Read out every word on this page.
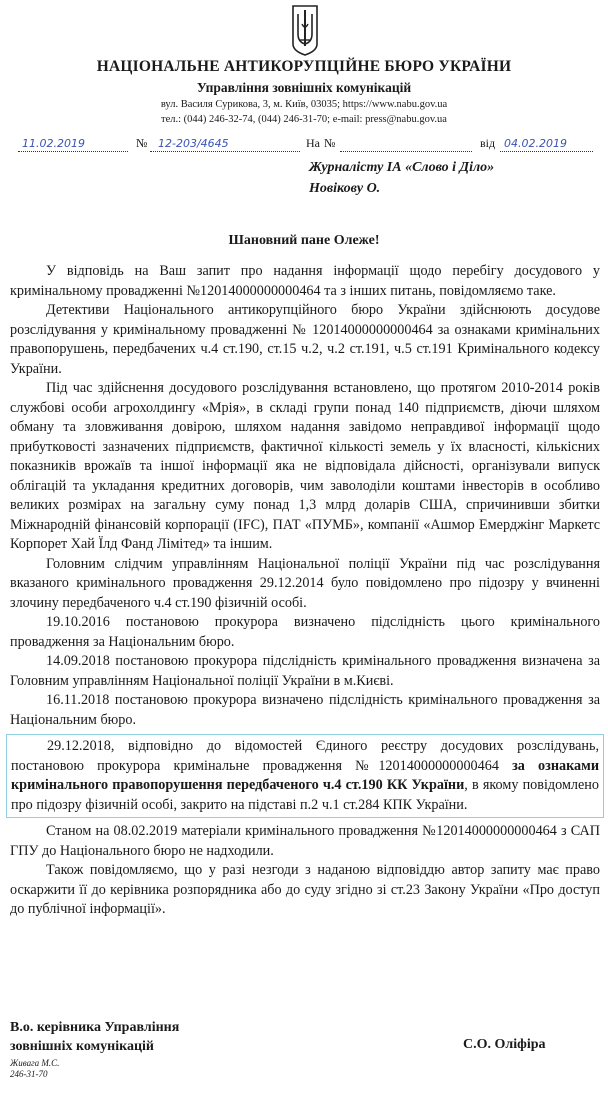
НАЦІОНАЛЬНЕ АНТИКОРУПЦІЙНЕ БЮРО УКРАЇНИ
Управління зовнішніх комунікацій
вул. Василя Сурикова, 3, м. Київ, 03035; https://www.nabu.gov.ua
тел.: (044) 246-32-74, (044) 246-31-70; e-mail: press@nabu.gov.ua
11.02.2019	№ 12-203/4645	На №	від 04.02.2019
Журналісту ІА «Слово і Діло»
Новікову О.
Шановний пане Олеже!

У відповідь на Ваш запит про надання інформації щодо перебігу досудового у кримінальному провадженні №12014000000000464 та з інших питань, повідомляємо таке.

Детективи Національного антикорупційного бюро України здійснюють досудове розслідування у кримінальному провадженні № 12014000000000464 за ознаками кримінальних правопорушень, передбачених ч.4 ст.190, ст.15 ч.2, ч.2 ст.191, ч.5 ст.191 Кримінального кодексу України.

Під час здійснення досудового розслідування встановлено, що протягом 2010-2014 років службові особи агрохолдингу «Мрія», в складі групи понад 140 підприємств, діючи шляхом обману та зловживання довірою, шляхом надання завідомо неправдивої інформації щодо прибутковості зазначених підприємств, фактичної кількості земель у їх власності, кількісних показників врожаїв та іншої інформації яка не відповідала дійсності, організували випуск облігацій та укладання кредитних договорів, чим заволоділи коштами інвесторів в особливо великих розмірах на загальну суму понад 1,3 млрд доларів США, спричинивши збитки Міжнародній фінансовій корпорації (IFC), ПАТ «ПУМБ», компанії «Ашмор Емерджінг Маркетс Корпорет Хай Їлд Фанд Лімітед» та іншим.

Головним слідчим управлінням Національної поліції України під час розслідування вказаного кримінального провадження 29.12.2014 було повідомлено про підозру у вчиненні злочину передбаченого ч.4 ст.190 фізичній особі.

19.10.2016 постановою прокурора визначено підслідність цього кримінального провадження за Національним бюро.

14.09.2018 постановою прокурора підслідність кримінального провадження визначена за Головним управлінням Національної поліції України в м.Києві.

16.11.2018 постановою прокурора визначено підслідність кримінального провадження за Національним бюро.

29.12.2018, відповідно до відомостей Єдиного реєстру досудових розслідувань, постановою прокурора кримінальне провадження №12014000000000464 за ознаками кримінального правопорушення передбаченого ч.4 ст.190 КК України, в якому повідомлено про підозру фізичній особі, закрито на підставі п.2 ч.1 ст.284 КПК України.

Станом на 08.02.2019 матеріали кримінального провадження №12014000000000464 з САП ГПУ до Національного бюро не надходили.

Також повідомляємо, що у разі незгоди з наданою відповіддю автор запиту має право оскаржити її до керівника розпорядника або до суду згідно зі ст.23 Закону України «Про доступ до публічної інформації».

В.о. керівника Управління
зовнішніх комунікацій	С.О. Оліфіра
Живага М.С.
246-31-70
